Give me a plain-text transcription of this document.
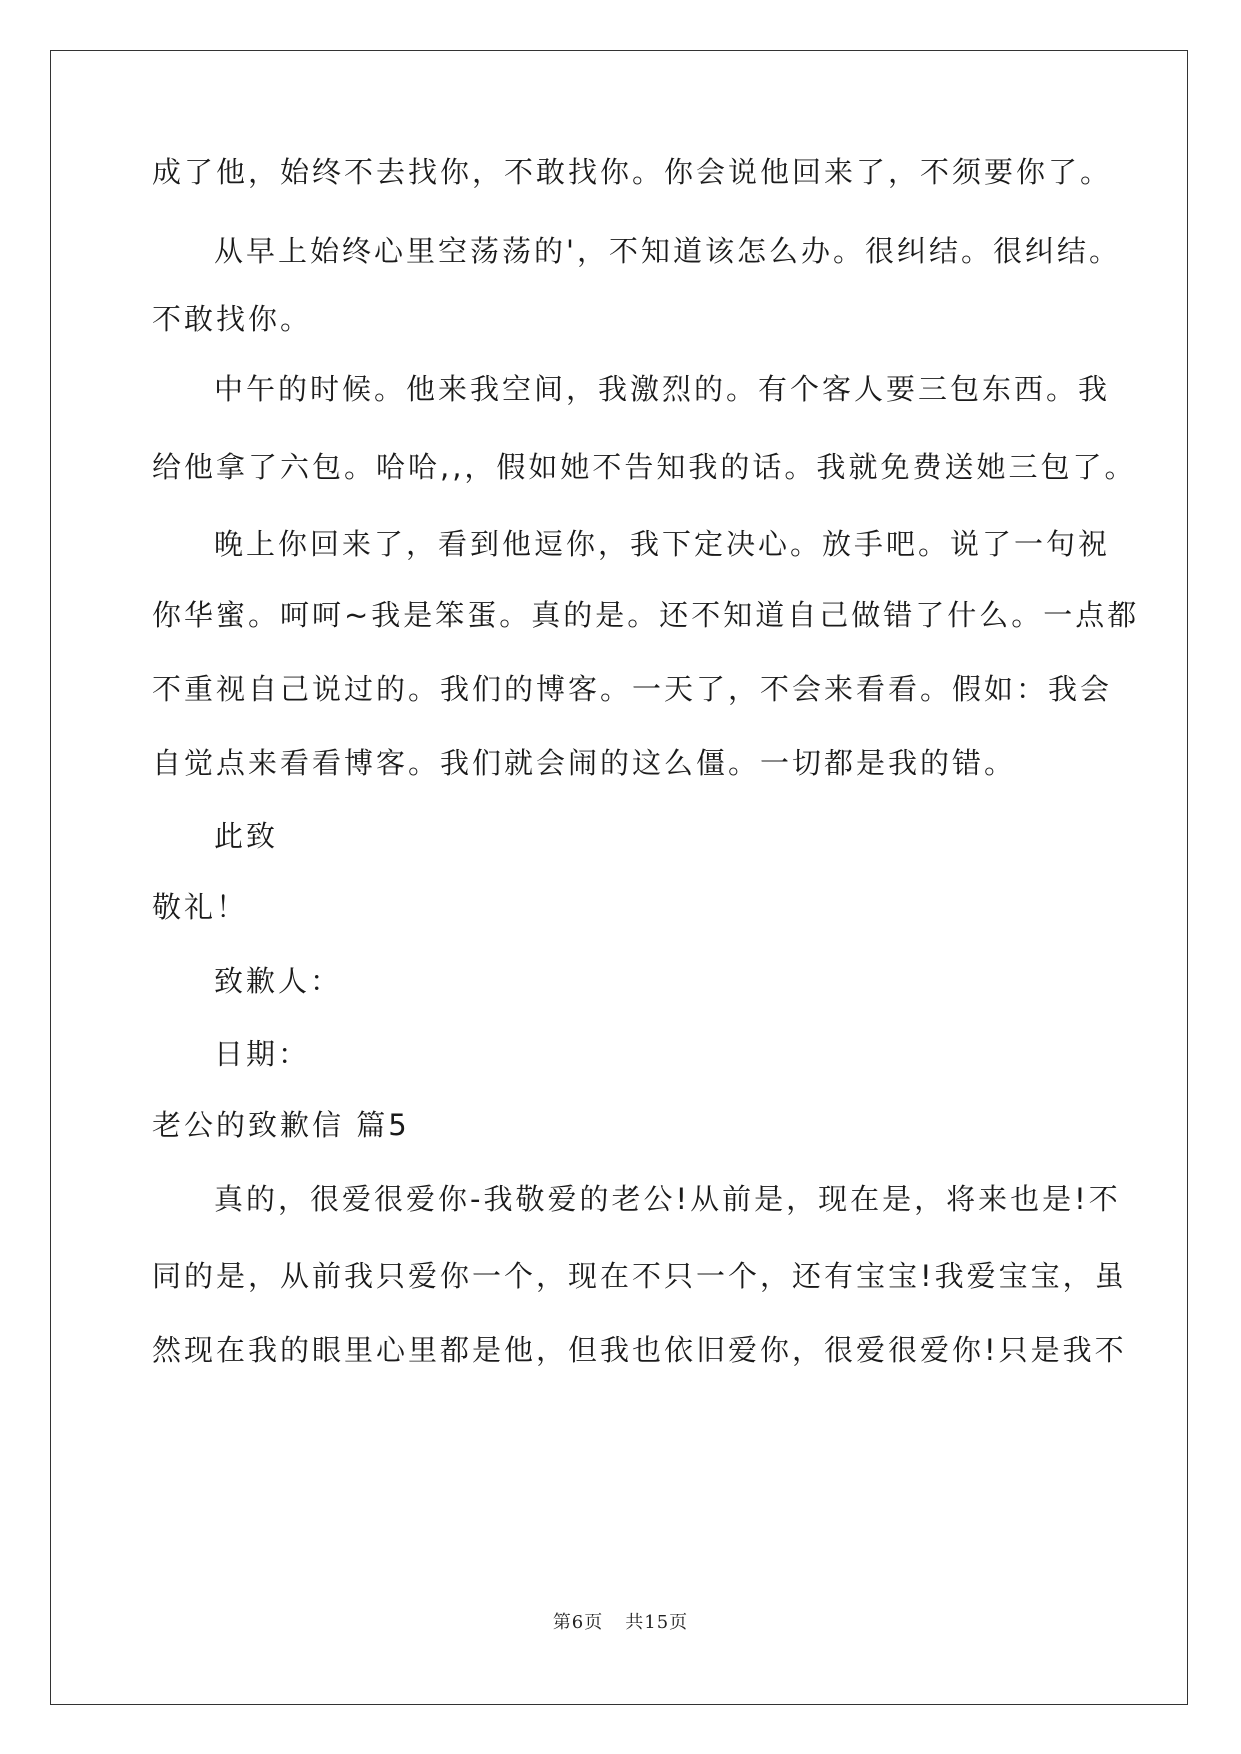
成了他，始终不去找你，不敢找你。你会说他回来了，不须要你了。
从早上始终心里空荡荡的'，不知道该怎么办。很纠结。很纠结。
不敢找你。
中午的时候。他来我空间，我激烈的。有个客人要三包东西。我
给他拿了六包。哈哈,,，假如她不告知我的话。我就免费送她三包了。
晚上你回来了，看到他逗你，我下定决心。放手吧。说了一句祝
你华蜜。呵呵~我是笨蛋。真的是。还不知道自己做错了什么。一点都
不重视自己说过的。我们的博客。一天了，不会来看看。假如：我会
自觉点来看看博客。我们就会闹的这么僵。一切都是我的错。
此致
敬礼！
致歉人：
日期：
老公的致歉信 篇5
真的，很爱很爱你-我敬爱的老公!从前是，现在是，将来也是!不
同的是，从前我只爱你一个，现在不只一个，还有宝宝!我爱宝宝，虽
然现在我的眼里心里都是他，但我也依旧爱你，很爱很爱你!只是我不
第6页 共15页
